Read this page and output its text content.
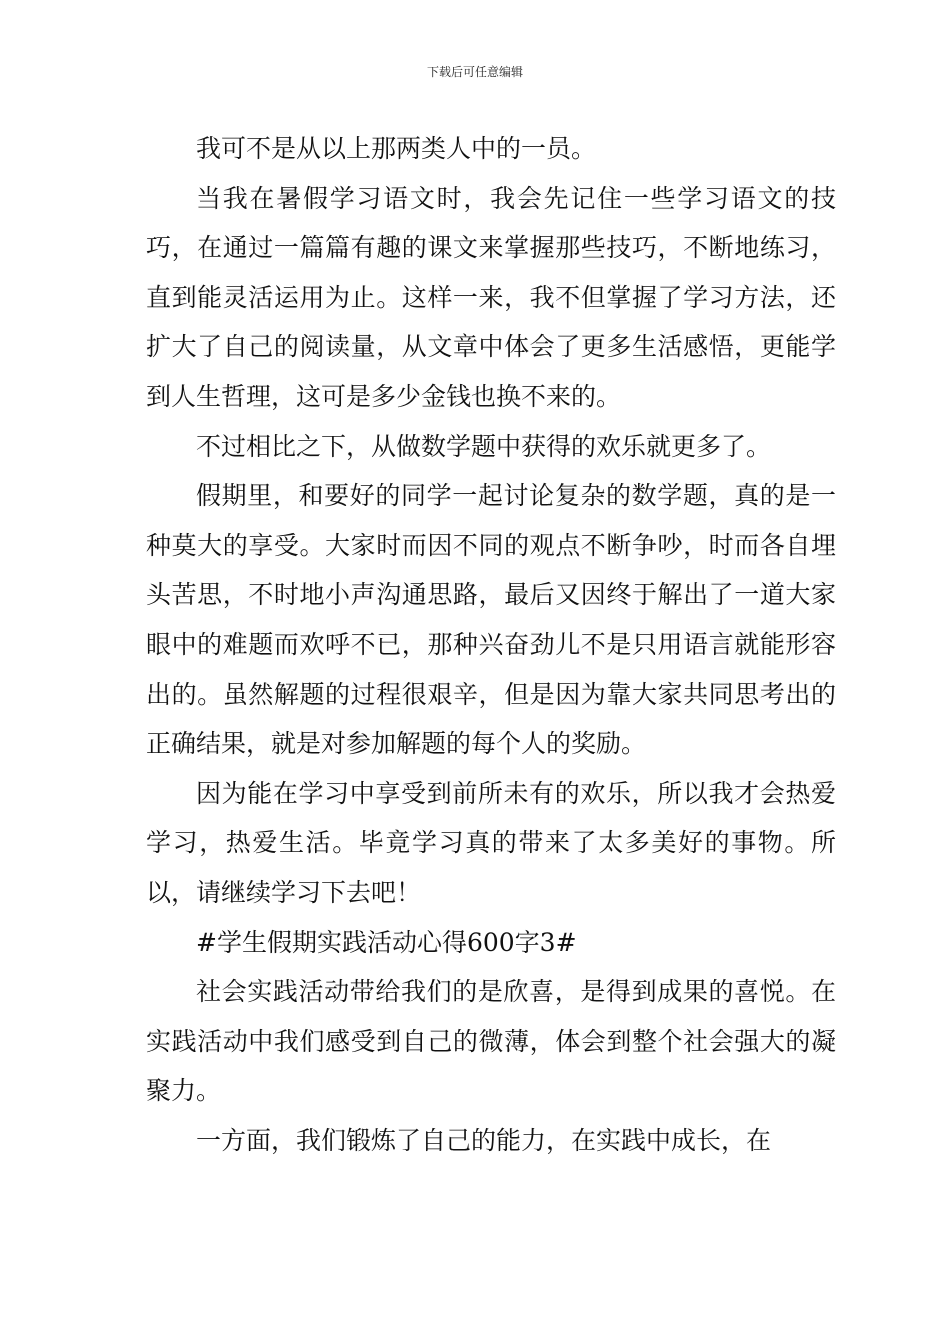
下载后可任意编辑

我可不是从以上那两类人中的一员。

当我在暑假学习语文时，我会先记住一些学习语文的技巧，在通过一篇篇有趣的课文来掌握那些技巧，不断地练习，直到能灵活运用为止。这样一来，我不但掌握了学习方法，还扩大了自己的阅读量，从文章中体会了更多生活感悟，更能学到人生哲理，这可是多少金钱也换不来的。

不过相比之下，从做数学题中获得的欢乐就更多了。

假期里，和要好的同学一起讨论复杂的数学题，真的是一种莫大的享受。大家时而因不同的观点不断争吵，时而各自埋头苦思，不时地小声沟通思路，最后又因终于解出了一道大家眼中的难题而欢呼不已，那种兴奋劲儿不是只用语言就能形容出的。虽然解题的过程很艰辛，但是因为靠大家共同思考出的正确结果，就是对参加解题的每个人的奖励。

因为能在学习中享受到前所未有的欢乐，所以我才会热爱学习，热爱生活。毕竟学习真的带来了太多美好的事物。所以，请继续学习下去吧！

#学生假期实践活动心得600字3#

社会实践活动带给我们的是欣喜，是得到成果的喜悦。在实践活动中我们感受到自己的微薄，体会到整个社会强大的凝聚力。

一方面，我们锻炼了自己的能力，在实践中成长，在
